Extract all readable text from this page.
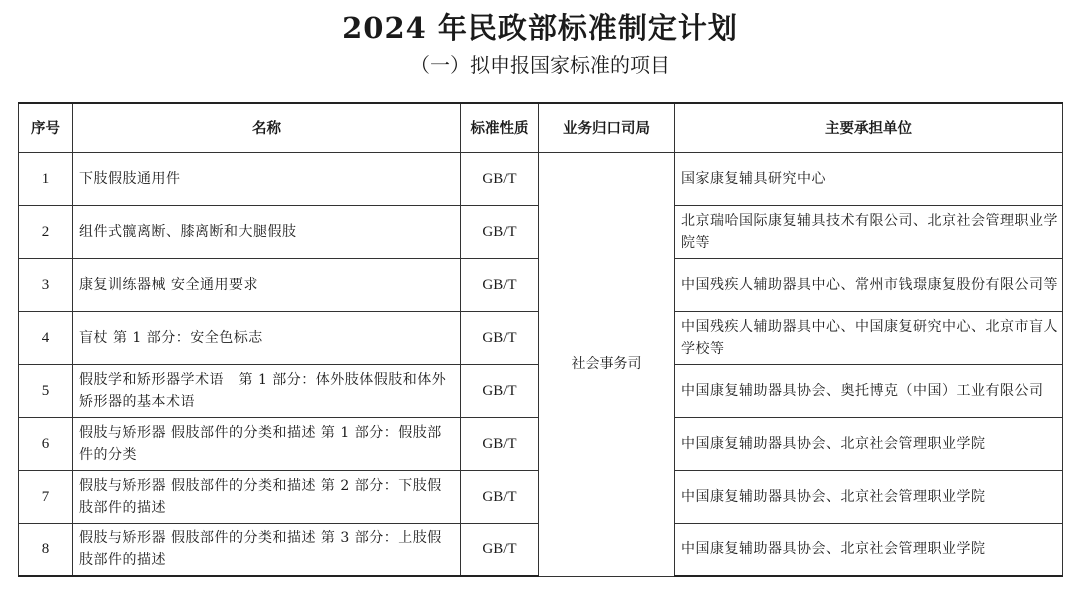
2024 年民政部标准制定计划
（一）拟申报国家标准的项目
序号	名称	标准性质	业务归口司局	主要承担单位
1	下肢假肢通用件	GB/T	社会事务司	国家康复辅具研究中心
2	组件式髋离断、膝离断和大腿假肢	GB/T		北京瑞哈国际康复辅具技术有限公司、北京社会管理职业学院等
3	康复训练器械 安全通用要求	GB/T		中国残疾人辅助器具中心、常州市钱璟康复股份有限公司等
4	盲杖 第 1 部分：安全色标志	GB/T		中国残疾人辅助器具中心、中国康复研究中心、北京市盲人学校等
5	假肢学和矫形器学术语　第 1 部分：体外肢体假肢和体外矫形器的基本术语	GB/T		中国康复辅助器具协会、奥托博克（中国）工业有限公司
6	假肢与矫形器 假肢部件的分类和描述 第 1 部分：假肢部件的分类	GB/T		中国康复辅助器具协会、北京社会管理职业学院
7	假肢与矫形器 假肢部件的分类和描述 第 2 部分：下肢假肢部件的描述	GB/T		中国康复辅助器具协会、北京社会管理职业学院
8	假肢与矫形器 假肢部件的分类和描述 第 3 部分：上肢假肢部件的描述	GB/T		中国康复辅助器具协会、北京社会管理职业学院
